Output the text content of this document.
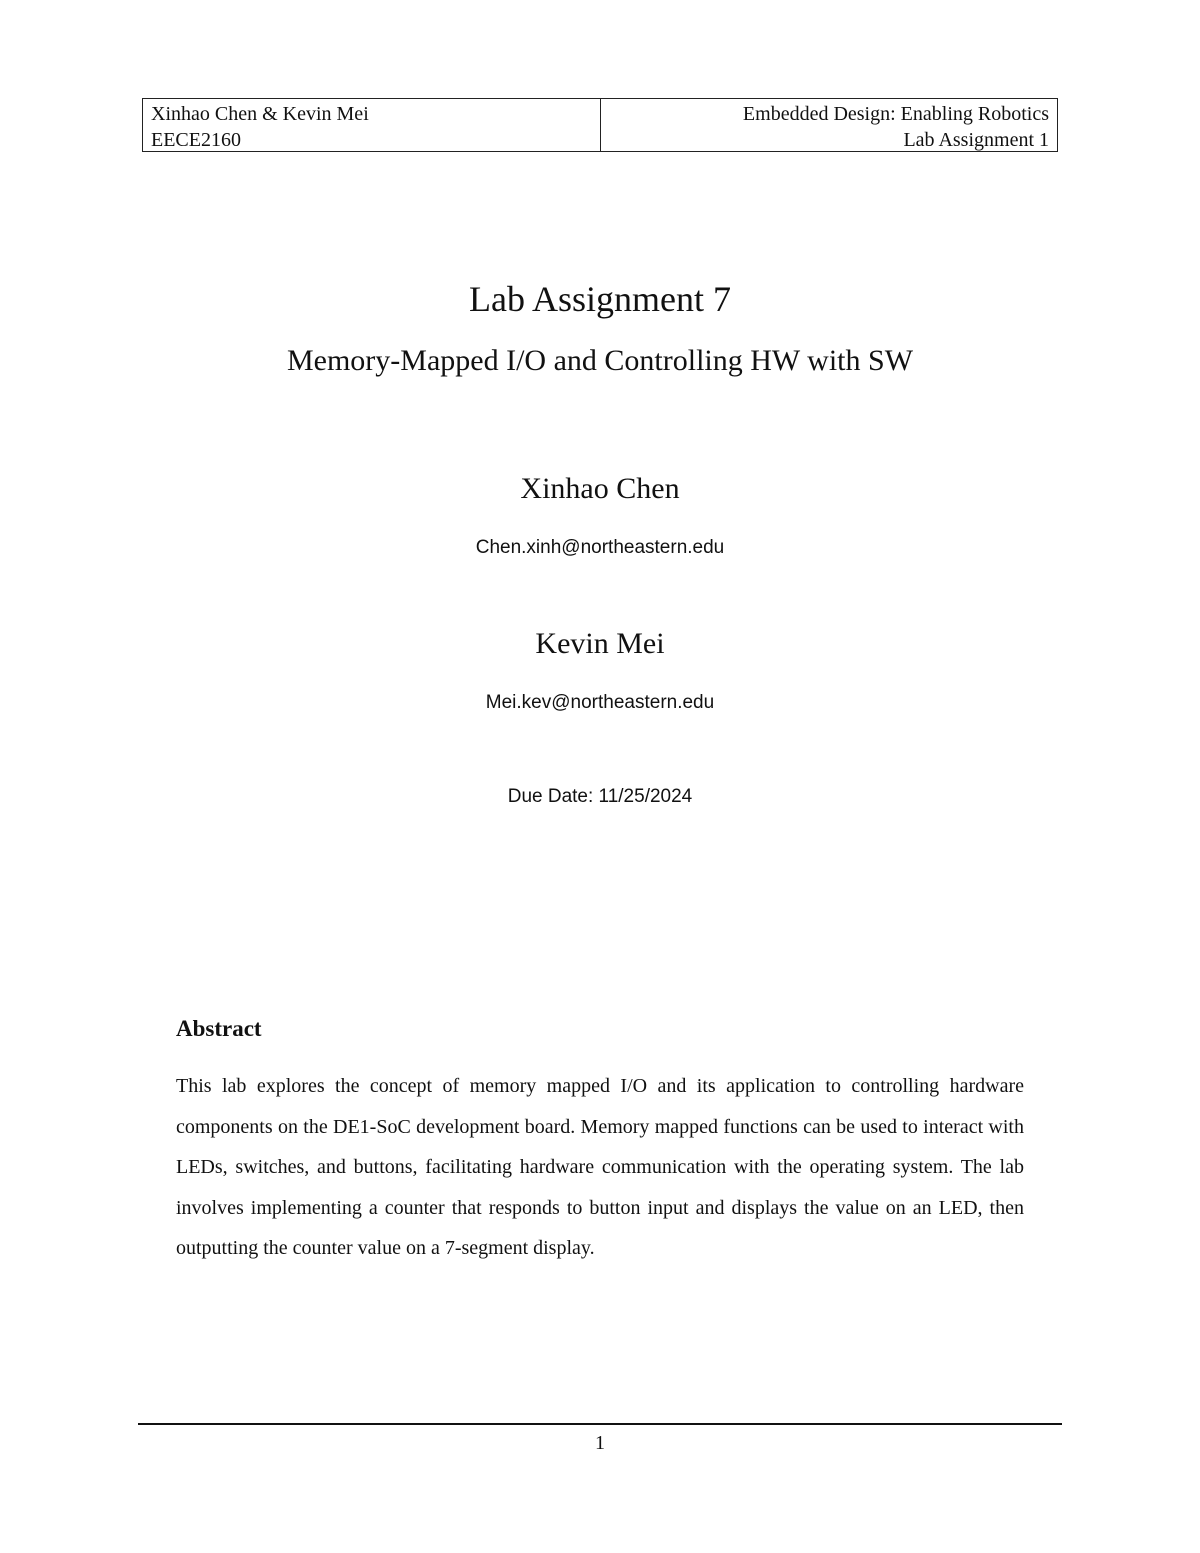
Xinhao Chen & Kevin Mei
EECE2160
Embedded Design: Enabling Robotics
Lab Assignment 1
Lab Assignment 7
Memory-Mapped I/O and Controlling HW with SW
Xinhao Chen
Chen.xinh@northeastern.edu
Kevin Mei
Mei.kev@northeastern.edu
Due Date: 11/25/2024
Abstract
This lab explores the concept of memory mapped I/O and its application to controlling hardware components on the DE1-SoC development board. Memory mapped functions can be used to interact with LEDs, switches, and buttons, facilitating hardware communication with the operating system. The lab involves implementing a counter that responds to button input and displays the value on an LED, then outputting the counter value on a 7-segment display.
1
